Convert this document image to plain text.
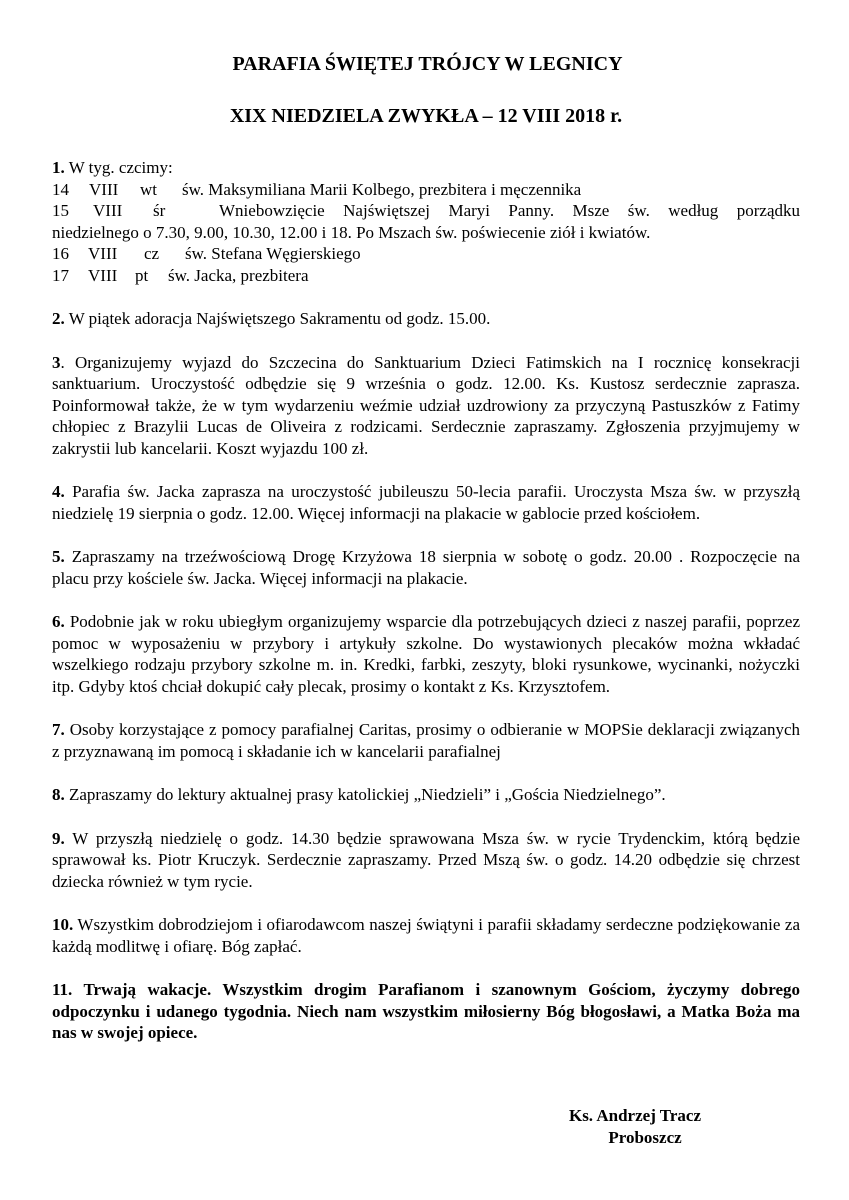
PARAFIA ŚWIĘTEJ TRÓJCY W LEGNICY

XIX NIEDZIELA ZWYKŁA – 12 VIII 2018 r.

1. W tyg. czcimy:
14 VIII wt św. Maksymiliana Marii Kolbego, prezbitera i męczennika
15 VIII śr	Wniebowzięcie Najświętszej Maryi Panny. Msze św. według porządku
niedzielnego o 7.30, 9.00, 10.30, 12.00 i 18. Po Mszach św. poświecenie ziół i kwiatów.
16 VIII cz św. Stefana Węgierskiego
17 VIII pt św. Jacka, prezbitera
2. W piątek adoracja Najświętszego Sakramentu od godz. 15.00.
3. Organizujemy wyjazd do Szczecina do Sanktuarium Dzieci Fatimskich na I rocznicę konsekracji sanktuarium. Uroczystość odbędzie się 9 września o godz. 12.00. Ks. Kustosz serdecznie zaprasza. Poinformował także, że w tym wydarzeniu weźmie udział uzdrowiony za przyczyną Pastuszków z Fatimy chłopiec z Brazylii Lucas de Oliveira z rodzicami. Serdecznie zapraszamy. Zgłoszenia przyjmujemy w zakrystii lub kancelarii. Koszt wyjazdu 100 zł.
4. Parafia św. Jacka zaprasza na uroczystość jubileuszu 50-lecia parafii. Uroczysta Msza św. w przyszłą niedzielę 19 sierpnia o godz. 12.00. Więcej informacji na plakacie w gablocie przed kościołem.
5. Zapraszamy na trzeźwościową Drogę Krzyżowa 18 sierpnia w sobotę o godz. 20.00 . Rozpoczęcie na placu przy kościele św. Jacka. Więcej informacji na plakacie.
6. Podobnie jak w roku ubiegłym organizujemy wsparcie dla potrzebujących dzieci z naszej parafii, poprzez pomoc w wyposażeniu w przybory i artykuły szkolne. Do wystawionych plecaków można wkładać wszelkiego rodzaju przybory szkolne m. in. Kredki, farbki, zeszyty, bloki rysunkowe, wycinanki, nożyczki itp. Gdyby ktoś chciał dokupić cały plecak, prosimy o kontakt z Ks. Krzysztofem.
7. Osoby korzystające z pomocy parafialnej Caritas, prosimy o odbieranie w MOPSie deklaracji związanych z przyznawaną im pomocą i składanie ich w kancelarii parafialnej
8. Zapraszamy do lektury aktualnej prasy katolickiej „Niedzieli” i „Gościa Niedzielnego”.
9. W przyszłą niedzielę o godz. 14.30 będzie sprawowana Msza św. w rycie Trydenckim, którą będzie sprawował ks. Piotr Kruczyk. Serdecznie zapraszamy. Przed Mszą św. o godz. 14.20 odbędzie się chrzest dziecka również w tym rycie.
10. Wszystkim dobrodziejom i ofiarodawcom naszej świątyni i parafii składamy serdeczne podziękowanie za każdą modlitwę i ofiarę. Bóg zapłać.
11. Trwają wakacje. Wszystkim drogim Parafianom i szanownym Gościom, życzymy dobrego odpoczynku i udanego tygodnia. Niech nam wszystkim miłosierny Bóg błogosławi, a Matka Boża ma nas w swojej opiece.
Ks. Andrzej Tracz
Proboszcz
